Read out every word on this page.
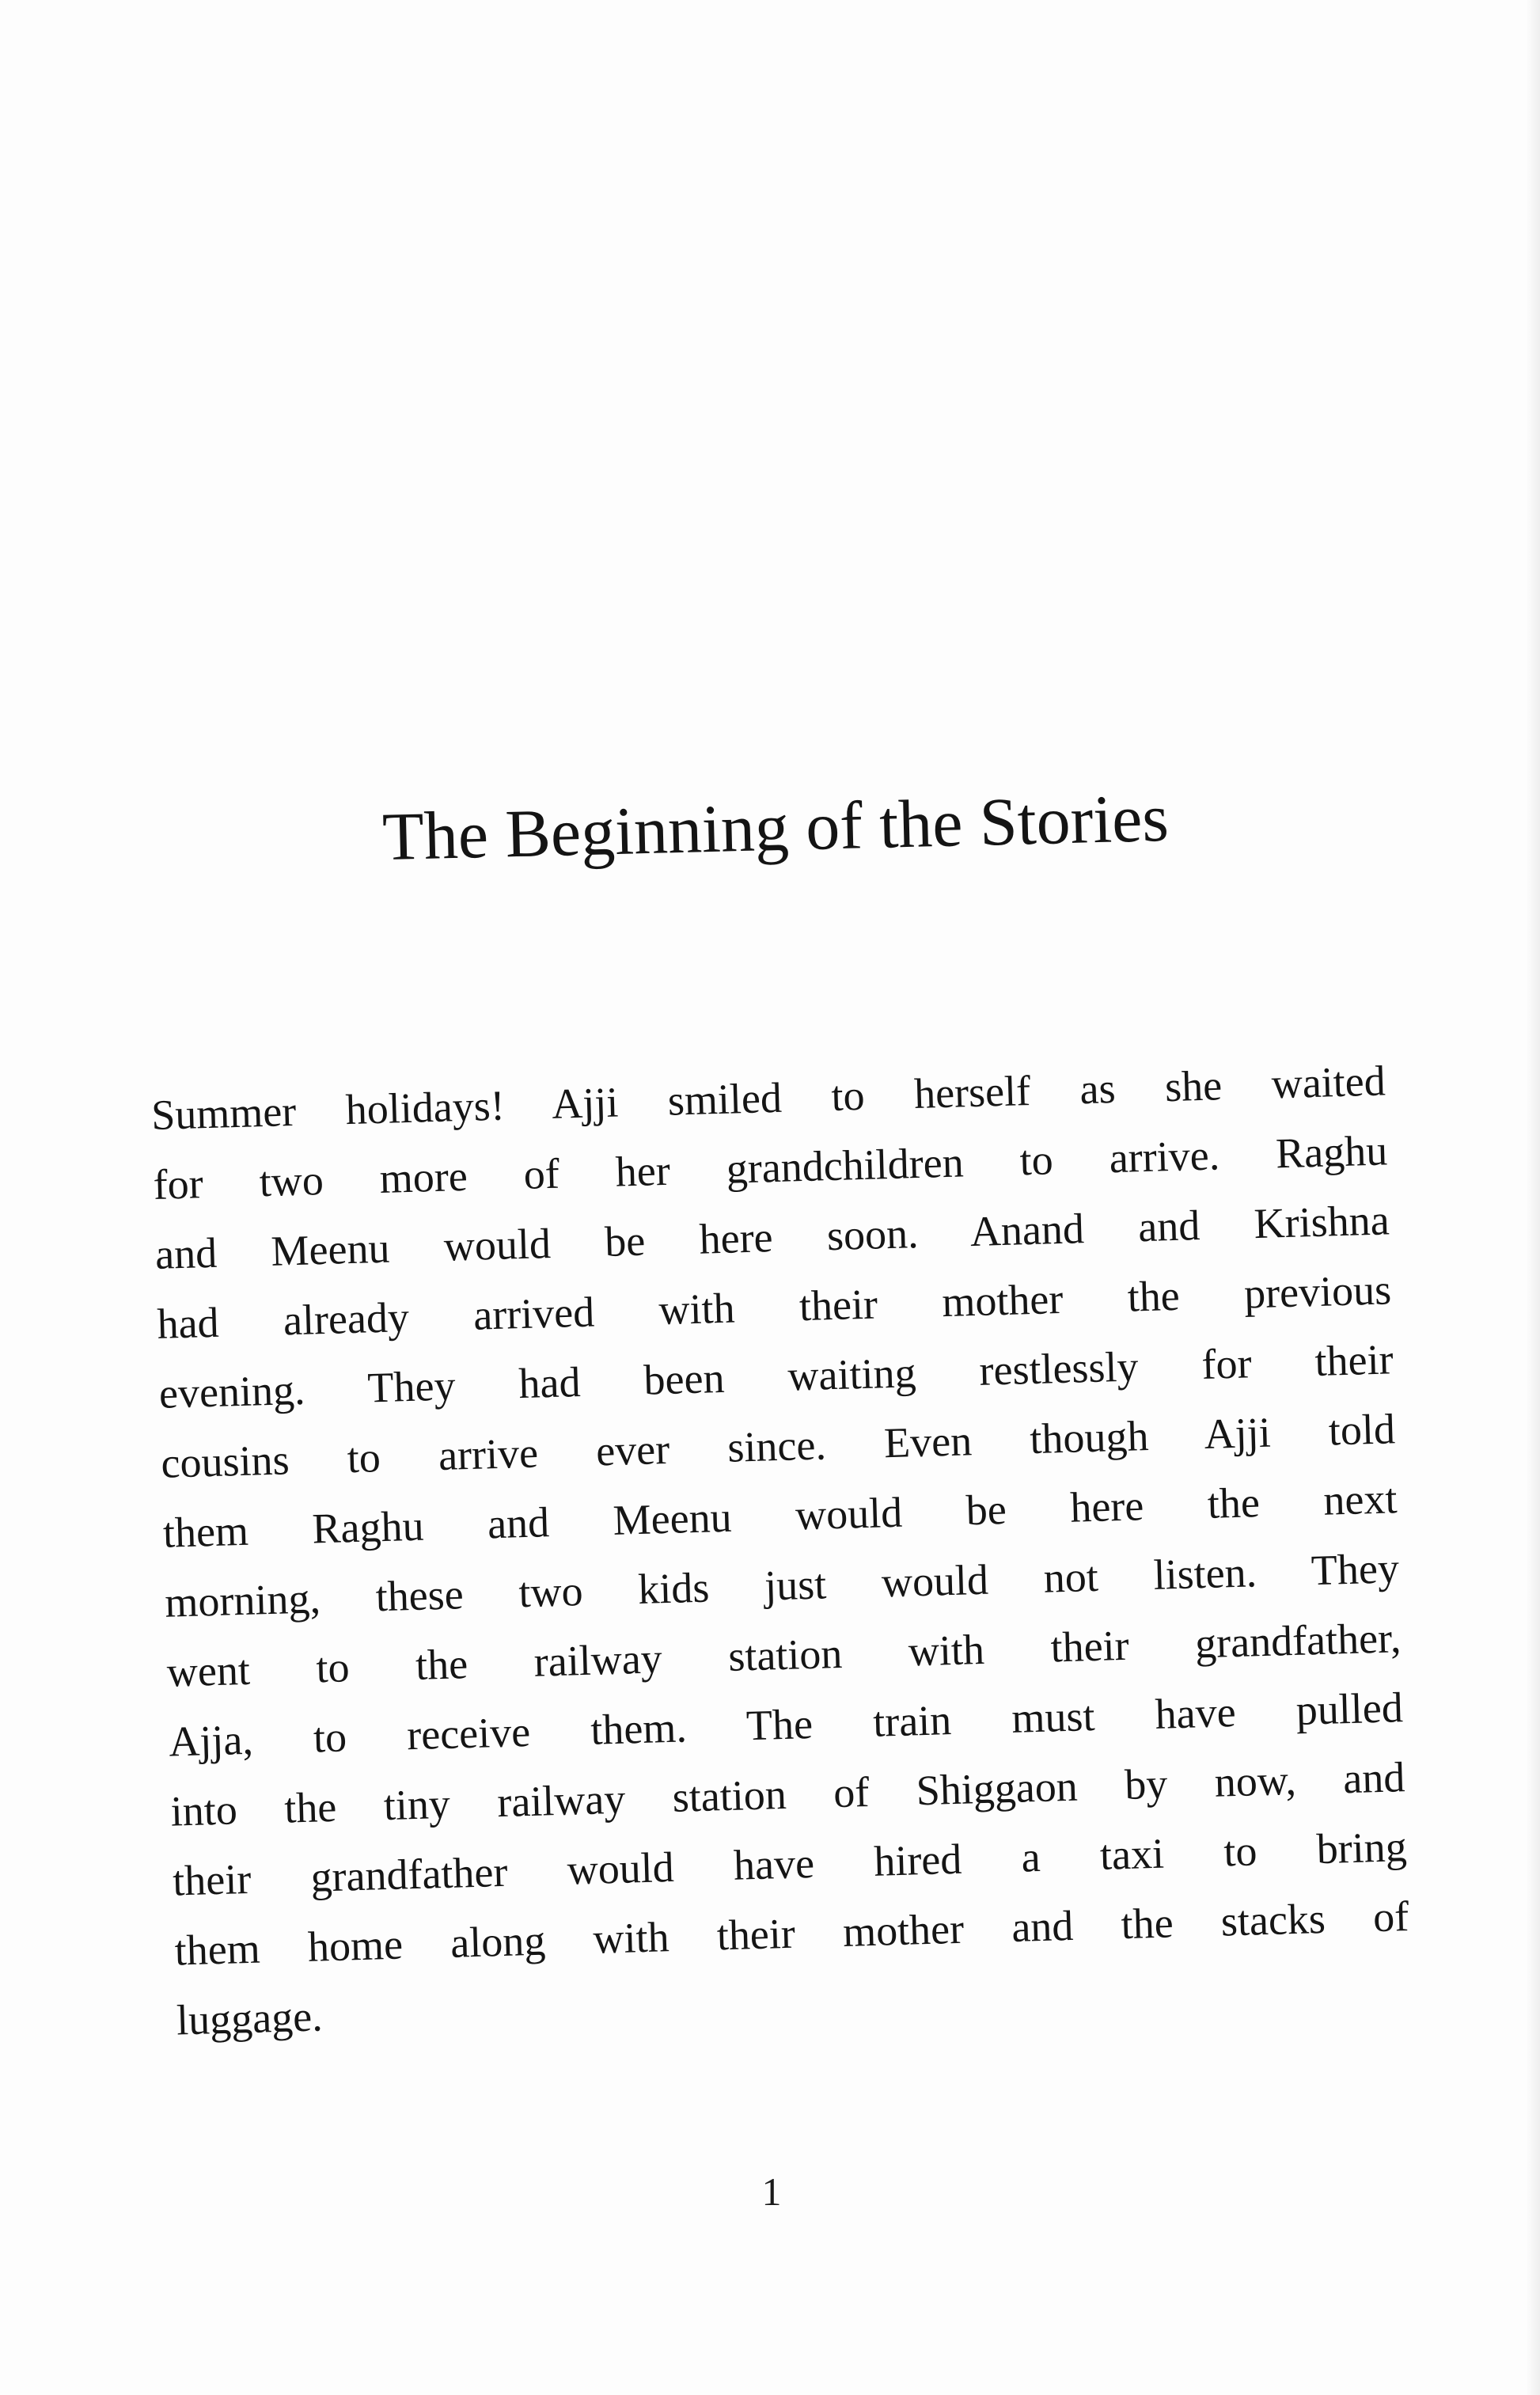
The Beginning of the Stories
Summer holidays! Ajji smiled to herself as she waited
for two more of her grandchildren to arrive. Raghu
and Meenu would be here soon. Anand and Krishna
had already arrived with their mother the previous
evening. They had been waiting restlessly for their
cousins to arrive ever since. Even though Ajji told
them Raghu and Meenu would be here the next
morning, these two kids just would not listen. They
went to the railway station with their grandfather,
Ajja, to receive them. The train must have pulled
into the tiny railway station of Shiggaon by now, and
their grandfather would have hired a taxi to bring
them home along with their mother and the stacks of
luggage.
1
